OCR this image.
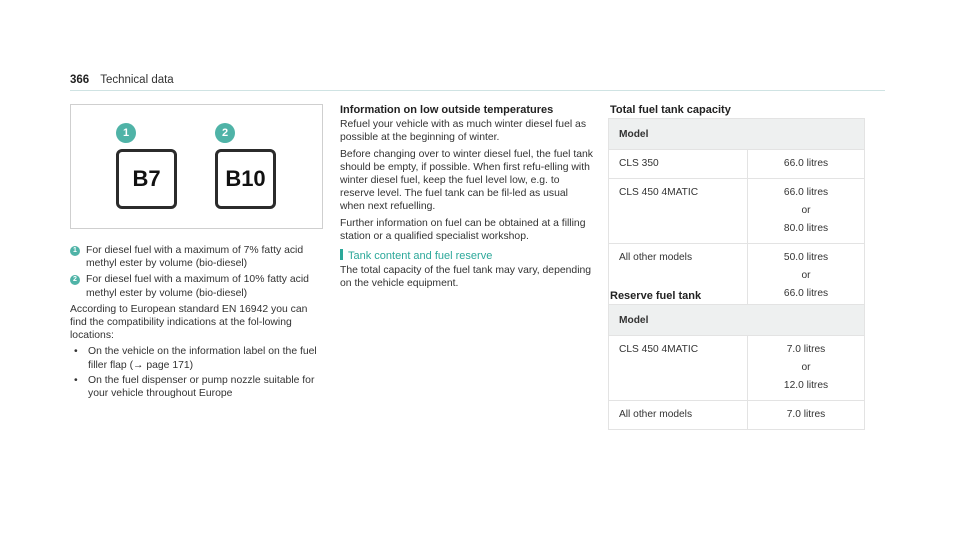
366 Technical data
1	2
B7	B10
1 For diesel fuel with a maximum of 7% fatty acid methyl ester by volume (bio-diesel)
2 For diesel fuel with a maximum of 10% fatty acid methyl ester by volume (bio-diesel)

According to European standard EN 16942 you can find the compatibility indications at the fol-lowing locations:

• On the vehicle on the information label on the fuel filler flap (→ page 171)
• On the fuel dispenser or pump nozzle suitable for your vehicle throughout Europe
Information on low outside temperatures

Refuel your vehicle with as much winter diesel fuel as possible at the beginning of winter.

Before changing over to winter diesel fuel, the fuel tank should be empty, if possible. When first refu-elling with winter diesel fuel, keep the fuel level low, e.g. to reserve level. The fuel tank can be fil-led as usual when next refuelling.

Further information on fuel can be obtained at a filling station or a qualified specialist workshop.

Tank content and fuel reserve

The total capacity of the fuel tank may vary, depending on the vehicle equipment.

Total fuel tank capacity
Model	
CLS 350	66.0 litres

CLS 450 4MATIC	66.0 litres
or
80.0 litres

All other models	50.0 litres
or
66.0 litres
Reserve fuel tank
Model	
CLS 450 4MATIC	7.0 litres
or
12.0 litres

All other models	7.0 litres
